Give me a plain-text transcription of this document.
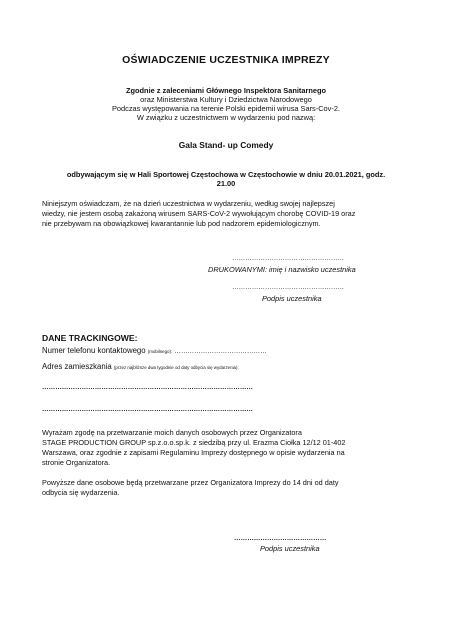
OŚWIADCZENIE UCZESTNIKA IMPREZY
Zgodnie z zaleceniami Głównego Inspektora Sanitarnego
oraz Ministerstwa Kultury i Dziedzictwa Narodowego
Podczas występowania na terenie Polski epidemii wirusa Sars-Cov-2.
W związku z uczestnictwem w wydarzeniu pod nazwą:
Gala Stand- up Comedy
odbywającym się w Hali Sportowej Częstochowa w Częstochowie w dniu 20.01.2021, godz.
21.00
Niniejszym oświadczam, że na dzień uczestnictwa w wydarzeniu, według swojej najlepszej
wiedzy, nie jestem osobą zakażoną wirusem SARS-CoV-2 wywołującym chorobę COVID-19 oraz
nie przebywam na obowiązkowej kwarantannie lub pod nadzorem epidemiologicznym.
……………………………………………
DRUKOWANYMI: imię i nazwisko uczestnika
……………………………………………
Podpis uczestnika
DANE TRACKINGOWE:
Numer telefonu kontaktowego (mobilnego): ……………………………………
Adres zamieszkania (przez najbliższe dwa tygodnie od daty odbycia się wydarzenia):
……………………………………………………………………………………
……………………………………………………………………………………
Wyrażam zgodę na przetwarzanie moich danych osobowych przez Organizatora
STAGE PRODUCTION GROUP sp.z.o.o.sp.k. z siedzibą przy ul. Erazma Ciołka 12/12 01-402
Warszawa, oraz zgodnie z zapisami Regulaminu Imprezy dostępnego w opisie wydarzenia na
stronie Organizatora.
Powyższe dane osobowe będą przetwarzane przez Organizatora Imprezy do 14 dni od daty
odbycia się wydarzenia.
……………………………………
Podpis uczestnika
